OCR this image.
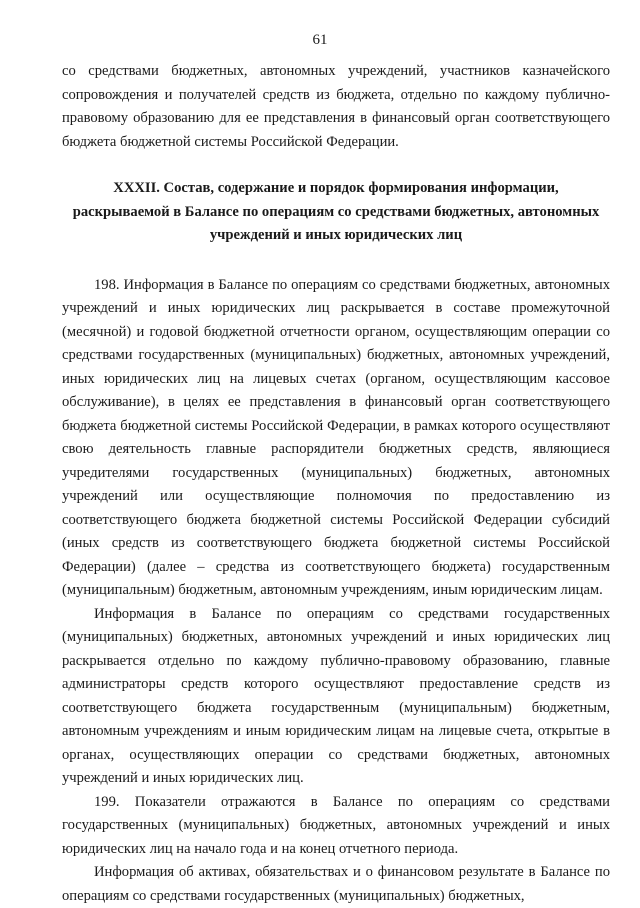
61

со средствами бюджетных, автономных учреждений, участников казначейского сопровождения и получателей средств из бюджета, отдельно по каждому публично-правовому образованию для ее представления в финансовый орган соответствующего бюджета бюджетной системы Российской Федерации.

XXXII. Состав, содержание и порядок формирования информации, раскрываемой в Балансе по операциям со средствами бюджетных, автономных учреждений и иных юридических лиц

198. Информация в Балансе по операциям со средствами бюджетных, автономных учреждений и иных юридических лиц раскрывается в составе промежуточной (месячной) и годовой бюджетной отчетности органом, осуществляющим операции со средствами государственных (муниципальных) бюджетных, автономных учреждений, иных юридических лиц на лицевых счетах (органом, осуществляющим кассовое обслуживание), в целях ее представления в финансовый орган соответствующего бюджета бюджетной системы Российской Федерации, в рамках которого осуществляют свою деятельность главные распорядители бюджетных средств, являющиеся учредителями государственных (муниципальных) бюджетных, автономных учреждений или осуществляющие полномочия по предоставлению из соответствующего бюджета бюджетной системы Российской Федерации субсидий (иных средств из соответствующего бюджета бюджетной системы Российской Федерации) (далее – средства из соответствующего бюджета) государственным (муниципальным) бюджетным, автономным учреждениям, иным юридическим лицам.

Информация в Балансе по операциям со средствами государственных (муниципальных) бюджетных, автономных учреждений и иных юридических лиц раскрывается отдельно по каждому публично-правовому образованию, главные администраторы средств которого осуществляют предоставление средств из соответствующего бюджета государственным (муниципальным) бюджетным, автономным учреждениям и иным юридическим лицам на лицевые счета, открытые в органах, осуществляющих операции со средствами бюджетных, автономных учреждений и иных юридических лиц.

199. Показатели отражаются в Балансе по операциям со средствами государственных (муниципальных) бюджетных, автономных учреждений и иных юридических лиц на начало года и на конец отчетного периода.

Информация об активах, обязательствах и о финансовом результате в Балансе по операциям со средствами государственных (муниципальных) бюджетных,
